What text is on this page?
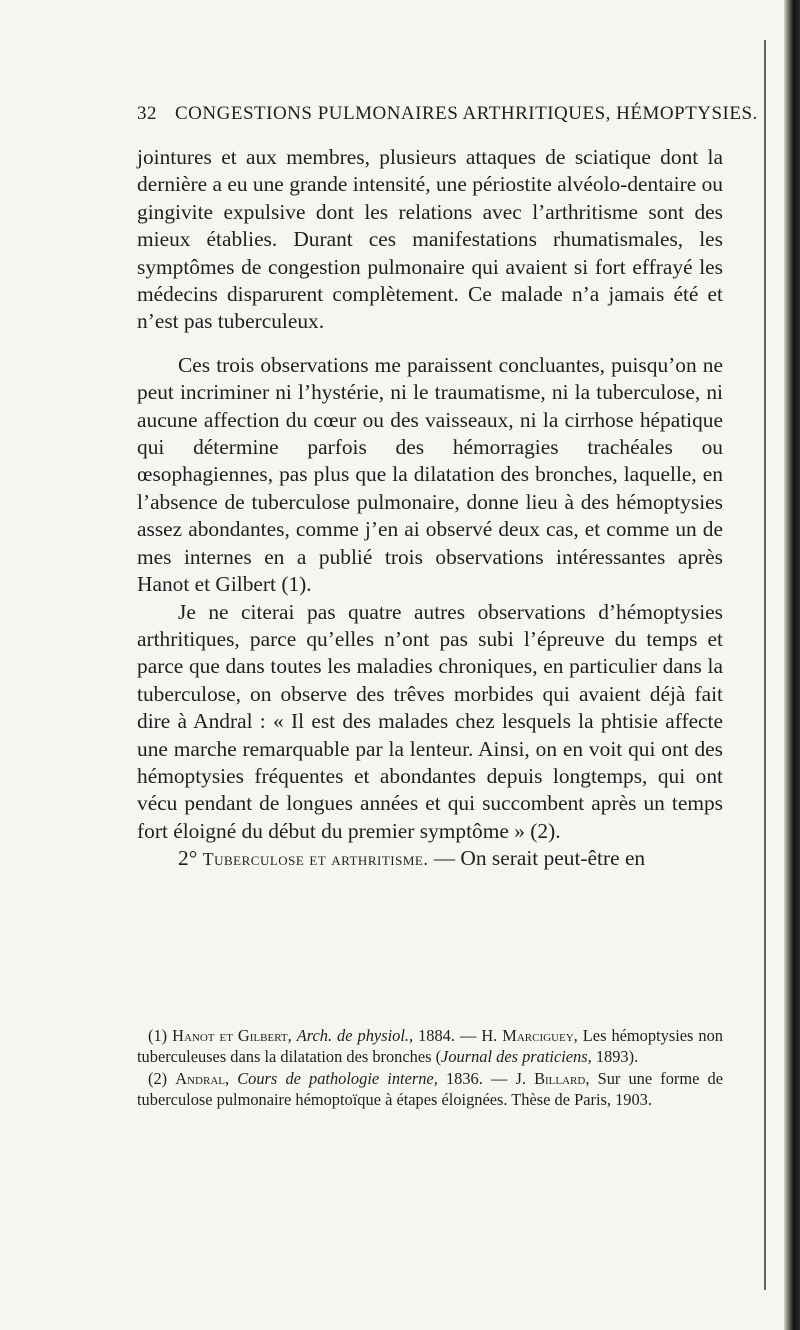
32 CONGESTIONS PULMONAIRES ARTHRITIQUES, HÉMOPTYSIES.

jointures et aux membres, plusieurs attaques de sciatique dont la dernière a eu une grande intensité, une périostite alvéolo-dentaire ou gingivite expulsive dont les relations avec l’arthritisme sont des mieux établies. Durant ces manifestations rhumatismales, les symptômes de congestion pulmonaire qui avaient si fort effrayé les médecins disparurent complètement. Ce malade n’a jamais été et n’est pas tuberculeux.

Ces trois observations me paraissent concluantes, puisqu’on ne peut incriminer ni l’hystérie, ni le traumatisme, ni la tuberculose, ni aucune affection du cœur ou des vaisseaux, ni la cirrhose hépatique qui détermine parfois des hémorragies trachéales ou œsophagiennes, pas plus que la dilatation des bronches, laquelle, en l’absence de tuberculose pulmonaire, donne lieu à des hémoptysies assez abondantes, comme j’en ai observé deux cas, et comme un de mes internes en a publié trois observations intéressantes après Hanot et Gilbert (1).

Je ne citerai pas quatre autres observations d’hémoptysies arthritiques, parce qu’elles n’ont pas subi l’épreuve du temps et parce que dans toutes les maladies chroniques, en particulier dans la tuberculose, on observe des trêves morbides qui avaient déjà fait dire à Andral : « Il est des malades chez lesquels la phtisie affecte une marche remarquable par la lenteur. Ainsi, on en voit qui ont des hémoptysies fréquentes et abondantes depuis longtemps, qui ont vécu pendant de longues années et qui succombent après un temps fort éloigné du début du premier symptôme » (2).

2° Tuberculose et arthritisme. — On serait peut-être en

(1) Hanot et Gilbert, Arch. de physiol., 1884. — H. Marciguey, Les hémoptysies non tuberculeuses dans la dilatation des bronches (Journal des praticiens, 1893).

(2) Andral, Cours de pathologie interne, 1836. — J. Billard, Sur une forme de tuberculose pulmonaire hémoptoïque à étapes éloignées. Thèse de Paris, 1903.
